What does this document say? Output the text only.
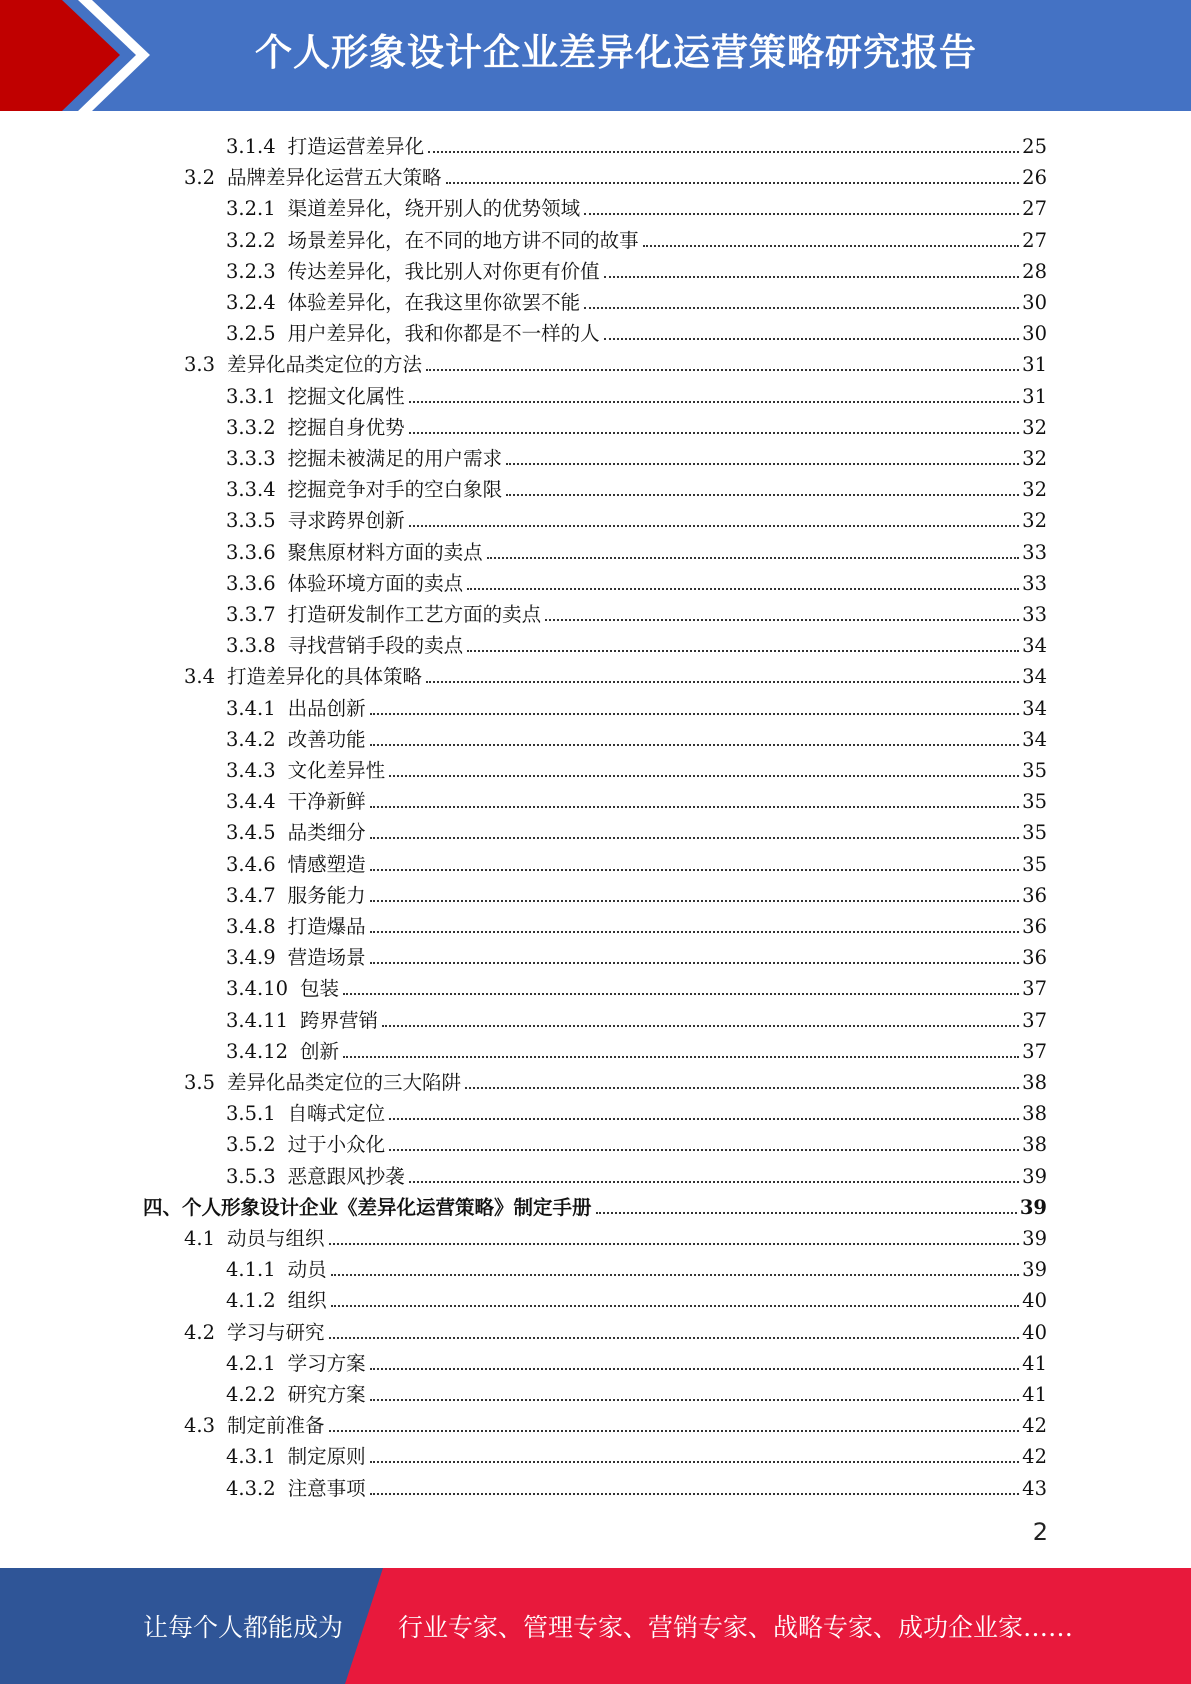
个人形象设计企业差异化运营策略研究报告
3.1.4 打造运营差异化	25
3.2 品牌差异化运营五大策略	26
3.2.1 渠道差异化，绕开别人的优势领域	27
3.2.2 场景差异化，在不同的地方讲不同的故事	27
3.2.3 传达差异化，我比别人对你更有价值	28
3.2.4 体验差异化，在我这里你欲罢不能	30
3.2.5 用户差异化，我和你都是不一样的人	30
3.3 差异化品类定位的方法	31
3.3.1 挖掘文化属性	31
3.3.2 挖掘自身优势	32
3.3.3 挖掘未被满足的用户需求	32
3.3.4 挖掘竞争对手的空白象限	32
3.3.5 寻求跨界创新	32
3.3.6 聚焦原材料方面的卖点	33
3.3.6 体验环境方面的卖点	33
3.3.7 打造研发制作工艺方面的卖点	33
3.3.8 寻找营销手段的卖点	34
3.4 打造差异化的具体策略	34
3.4.1 出品创新	34
3.4.2 改善功能	34
3.4.3 文化差异性	35
3.4.4 干净新鲜	35
3.4.5 品类细分	35
3.4.6 情感塑造	35
3.4.7 服务能力	36
3.4.8 打造爆品	36
3.4.9 营造场景	36
3.4.10 包装	37
3.4.11 跨界营销	37
3.4.12 创新	37
3.5 差异化品类定位的三大陷阱	38
3.5.1 自嗨式定位	38
3.5.2 过于小众化	38
3.5.3 恶意跟风抄袭	39
四、个人形象设计企业《差异化运营策略》制定手册	39
4.1 动员与组织	39
4.1.1 动员	39
4.1.2 组织	40
4.2 学习与研究	40
4.2.1 学习方案	41
4.2.2 研究方案	41
4.3 制定前准备	42
4.3.1 制定原则	42
4.3.2 注意事项	43
2
让每个人都能成为 行业专家、管理专家、营销专家、战略专家、成功企业家……
